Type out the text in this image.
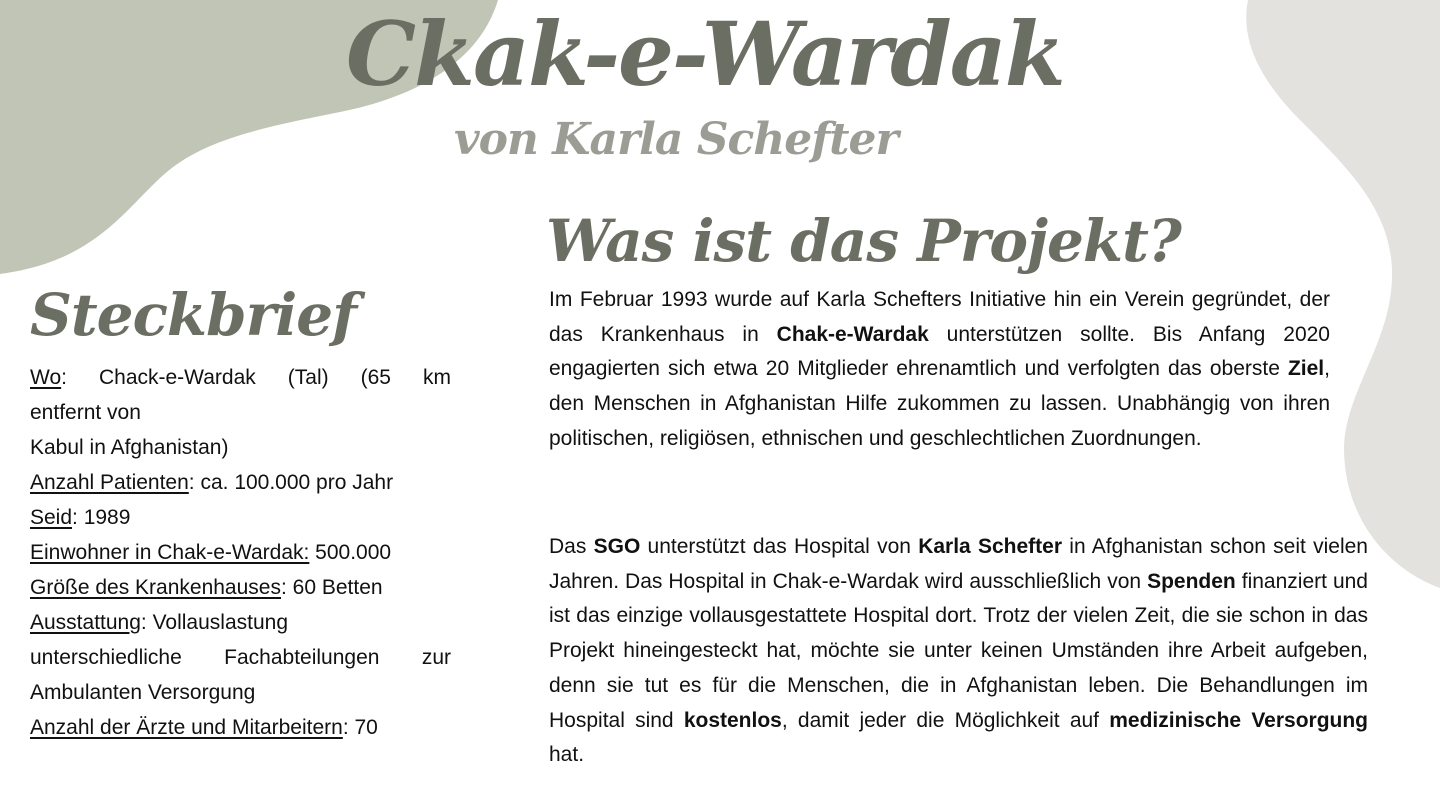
Ckak-e-Wardak
von Karla Schefter
Was ist das Projekt?
Im Februar 1993 wurde auf Karla Schefters Initiative hin ein Verein gegründet, der das Krankenhaus in Chak-e-Wardak unterstützen sollte. Bis Anfang 2020 engagierten sich etwa 20 Mitglieder ehrenamtlich und verfolgten das oberste Ziel, den Menschen in Afghanistan Hilfe zukommen zu lassen. Unabhängig von ihren politischen, religiösen, ethnischen und geschlechtlichen Zuordnungen.
Das SGO unterstützt das Hospital von Karla Schefter in Afghanistan schon seit vielen Jahren. Das Hospital in Chak-e-Wardak wird ausschließlich von Spenden finanziert und ist das einzige vollausgestattete Hospital dort. Trotz der vielen Zeit, die sie schon in das Projekt hineingesteckt hat, möchte sie unter keinen Umständen ihre Arbeit aufgeben, denn sie tut es für die Menschen, die in Afghanistan leben. Die Behandlungen im Hospital sind kostenlos, damit jeder die Möglichkeit auf medizinische Versorgung hat.
Steckbrief
Wo: Chack-e-Wardak (Tal) (65 km
entfernt von
Kabul in Afghanistan)
Anzahl Patienten: ca. 100.000 pro Jahr
Seid: 1989
Einwohner in Chak-e-Wardak: 500.000
Größe des Krankenhauses: 60 Betten
Ausstattung: Vollauslastung
unterschiedliche Fachabteilungen zur
Ambulanten Versorgung
Anzahl der Ärzte und Mitarbeitern: 70
